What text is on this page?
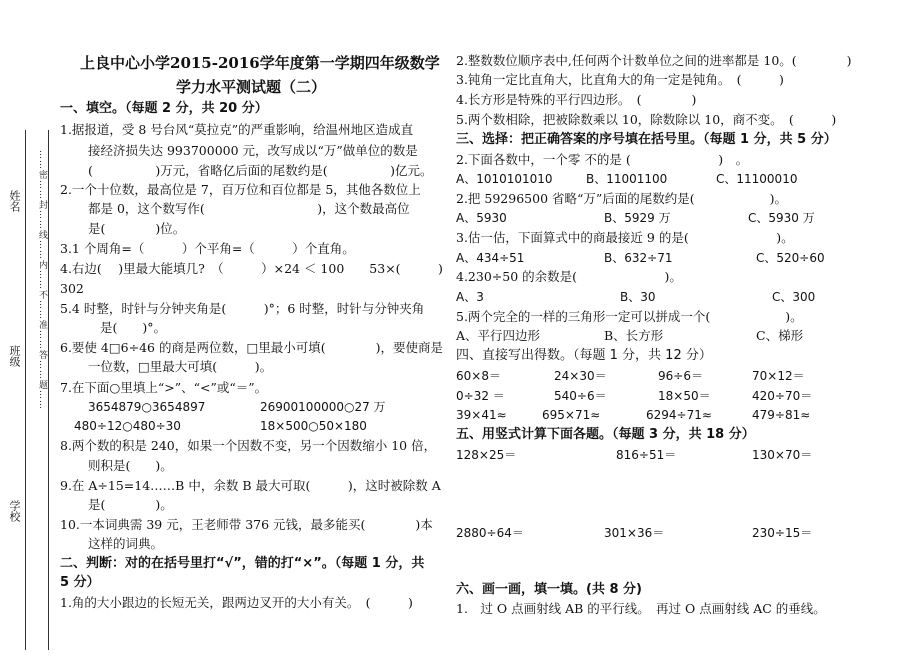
姓名
班级
学校
……密……封……线……内……不……准……答……题……
上良中心小学2015-2016学年度第一学期四年级数学
学力水平测试题（二）
一、填空。（每题 2 分，共 20 分）
1.据报道，受 8 号台风“莫拉克”的严重影响，给温州地区造成直
接经济损失达 993700000 元，改写成以“万”做单位的数是
(　　　　　)万元，省略亿后面的尾数约是(　　　　　)亿元。
2.一个十位数，最高位是 7，百万位和百位都是 5，其他各数位上
都是 0，这个数写作(　　　　　　　　　)，这个数最高位
是(　　　　)位。
3.1 个周角=（　　　）个平角=（　　　）个直角。
4.右边(　 )里最大能填几?　（　　　）×24 ＜ 100　　53×(　　　)
302
5.4 时整，时针与分钟夹角是(　　　)°；6 时整，时针与分钟夹角
是(　　)°。
6.要使 4□6÷46 的商是两位数，□里最小可填(　　　　)，要使商是
一位数，□里最大可填(　　　)。
7.在下面○里填上“>”、“<”或“＝”。
3654879○3654897	26900100000○27 万
480÷12○480÷30	18×500○50×180
8.两个数的积是 240，如果一个因数不变，另一个因数缩小 10 倍，
则积是(　　)。
9.在 A÷15=14……B 中，余数 B 最大可取(　　　)，这时被除数 A
是(　　　　)。
10.一本词典需 39 元，王老师带 376 元钱，最多能买(　　　　)本
这样的词典。
二、判断：对的在括号里打“√”，错的打“×”。（每题 1 分，共
5 分）
1.角的大小跟边的长短无关，跟两边叉开的大小有关。　(　　　)
2.整数数位顺序表中,任何两个计数单位之间的进率都是 10。(　　　　)
3.钝角一定比直角大，比直角大的角一定是钝角。　(　　　)
4.长方形是特殊的平行四边形。　(　　　　)
5.两个数相除，把被除数乘以 10，除数除以 10，商不变。　(　　　)
三、选择：把正确答案的序号填在括号里。（每题 1 分，共 5 分）
2.下面各数中，一个零 不的是 (　　　　　　　)　。
A、1010101010	B、11001100	C、11100010
2.把 59296500 省略“万”后面的尾数约是(　　　　　　)。
A、5930	B、5929 万	C、5930 万
3.估一估，下面算式中的商最接近 9 的是(　　　　　　　)。
A、434÷51	B、632÷71	C、520÷60
4.230÷50 的余数是(　　　　　　　)。
A、3	B、30	C、300
5.两个完全的一样的三角形一定可以拼成一个(　　　　　　)。
A、平行四边形	B、长方形	C、梯形
四、直接写出得数。（每题 1 分，共 12 分）
60×8＝	24×30＝	96÷6＝	70×12＝
0÷32 ＝	540÷6＝	18×50＝	420÷70＝
39×41≈	695×71≈	6294÷71≈	479÷81≈
五、用竖式计算下面各题。（每题 3 分，共 18 分）
128×25＝	816÷51＝	130×70＝
2880÷64＝	301×36＝	230÷15＝
六、画一画，填一填。(共 8 分)
1.　过 O 点画射线 AB 的平行线。　再过 O 点画射线 AC 的垂线。
